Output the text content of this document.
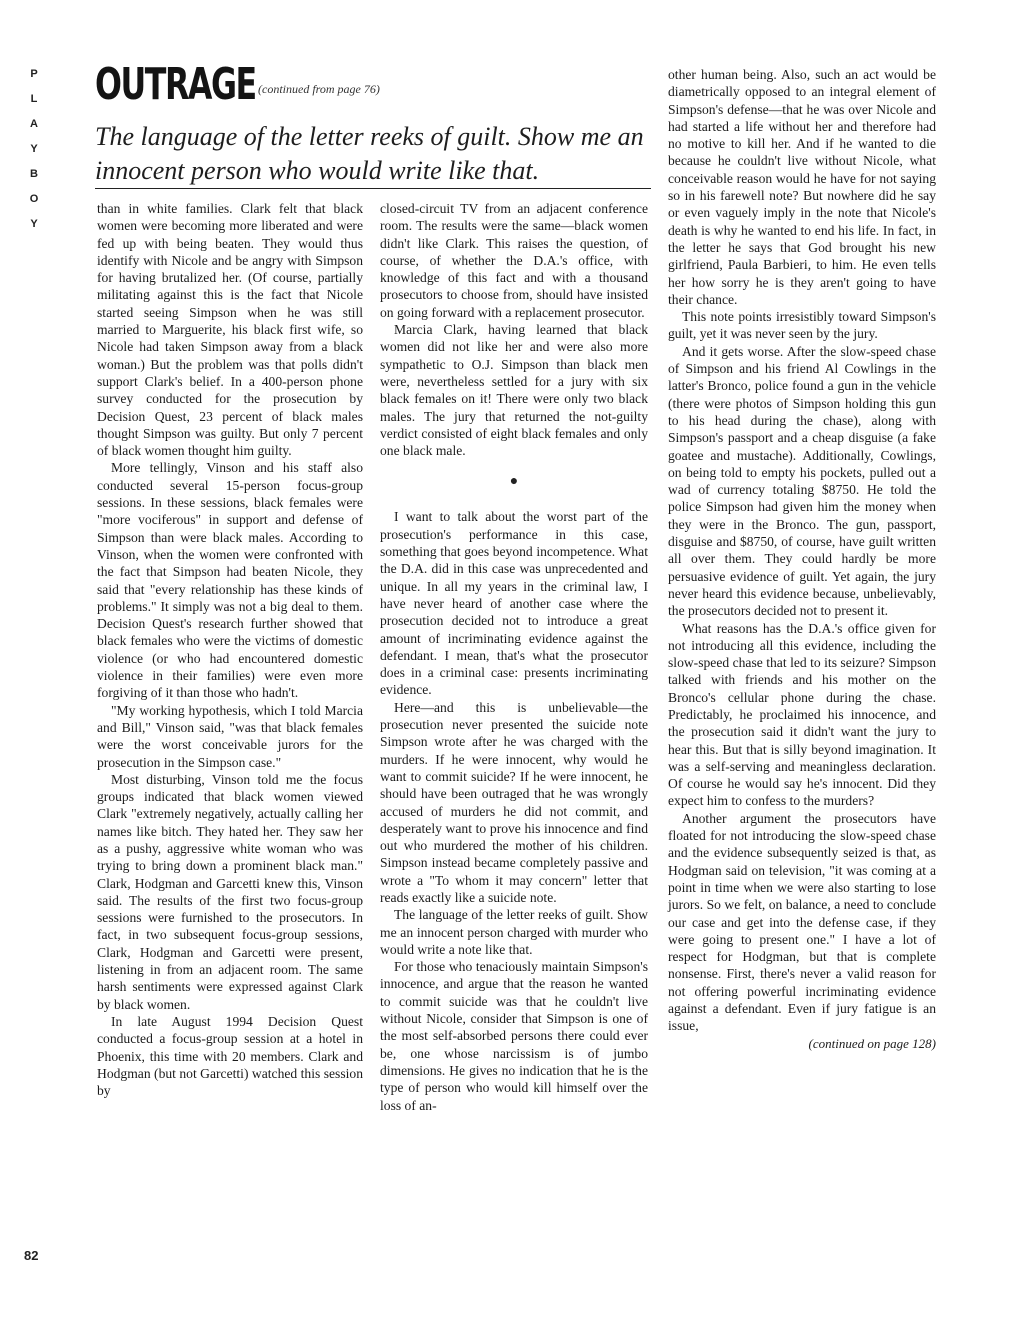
P
L
A
Y
B
O
Y
OUTRAGE (continued from page 76)
The language of the letter reeks of guilt. Show me an innocent person who would write like that.

than in white families. Clark felt that black women were becoming more liberated and were fed up with being beaten. They would thus identify with Nicole and be angry with Simpson for having brutalized her. (Of course, partially militating against this is the fact that Nicole started seeing Simpson when he was still married to Marguerite, his black first wife, so Nicole had taken Simpson away from a black woman.) But the problem was that polls didn't support Clark's belief. In a 400-person phone survey conducted for the prosecution by Decision Quest, 23 percent of black males thought Simpson was guilty. But only 7 percent of black women thought him guilty.

More tellingly, Vinson and his staff also conducted several 15-person focus-group sessions. In these sessions, black females were "more vociferous" in support and defense of Simpson than were black males. According to Vinson, when the women were confronted with the fact that Simpson had beaten Nicole, they said that "every relationship has these kinds of problems." It simply was not a big deal to them. Decision Quest's research further showed that black females who were the victims of domestic violence (or who had encountered domestic violence in their families) were even more forgiving of it than those who hadn't.

"My working hypothesis, which I told Marcia and Bill," Vinson said, "was that black females were the worst conceivable jurors for the prosecution in the Simpson case."

Most disturbing, Vinson told me the focus groups indicated that black women viewed Clark "extremely negatively, actually calling her names like bitch. They hated her. They saw her as a pushy, aggressive white woman who was trying to bring down a prominent black man." Clark, Hodgman and Garcetti knew this, Vinson said. The results of the first two focus-group sessions were furnished to the prosecutors. In fact, in two subsequent focus-group sessions, Clark, Hodgman and Garcetti were present, listening in from an adjacent room. The same harsh sentiments were expressed against Clark by black women.

In late August 1994 Decision Quest conducted a focus-group session at a hotel in Phoenix, this time with 20 members. Clark and Hodgman (but not Garcetti) watched this session by

closed-circuit TV from an adjacent conference room. The results were the same—black women didn't like Clark. This raises the question, of course, of whether the D.A.'s office, with knowledge of this fact and with a thousand prosecutors to choose from, should have insisted on going forward with a replacement prosecutor.

Marcia Clark, having learned that black women did not like her and were also more sympathetic to O.J. Simpson than black men were, nevertheless settled for a jury with six black females on it! There were only two black males. The jury that returned the not-guilty verdict consisted of eight black females and only one black male.

●

I want to talk about the worst part of the prosecution's performance in this case, something that goes beyond incompetence. What the D.A. did in this case was unprecedented and unique. In all my years in the criminal law, I have never heard of another case where the prosecution decided not to introduce a great amount of incriminating evidence against the defendant. I mean, that's what the prosecutor does in a criminal case: presents incriminating evidence.

Here—and this is unbelievable—the prosecution never presented the suicide note Simpson wrote after he was charged with the murders. If he were innocent, why would he want to commit suicide? If he were innocent, he should have been outraged that he was wrongly accused of murders he did not commit, and desperately want to prove his innocence and find out who murdered the mother of his children. Simpson instead became completely passive and wrote a "To whom it may concern" letter that reads exactly like a suicide note.

The language of the letter reeks of guilt. Show me an innocent person charged with murder who would write a note like that.

For those who tenaciously maintain Simpson's innocence, and argue that the reason he wanted to commit suicide was that he couldn't live without Nicole, consider that Simpson is one of the most self-absorbed persons there could ever be, one whose narcissism is of jumbo dimensions. He gives no indication that he is the type of person who would kill himself over the loss of an-

other human being. Also, such an act would be diametrically opposed to an integral element of Simpson's defense—that he was over Nicole and had started a life without her and therefore had no motive to kill her. And if he wanted to die because he couldn't live without Nicole, what conceivable reason would he have for not saying so in his farewell note? But nowhere did he say or even vaguely imply in the note that Nicole's death is why he wanted to end his life. In fact, in the letter he says that God brought his new girlfriend, Paula Barbieri, to him. He even tells her how sorry he is they aren't going to have their chance.

This note points irresistibly toward Simpson's guilt, yet it was never seen by the jury.

And it gets worse. After the slow-speed chase of Simpson and his friend Al Cowlings in the latter's Bronco, police found a gun in the vehicle (there were photos of Simpson holding this gun to his head during the chase), along with Simpson's passport and a cheap disguise (a fake goatee and mustache). Additionally, Cowlings, on being told to empty his pockets, pulled out a wad of currency totaling $8750. He told the police Simpson had given him the money when they were in the Bronco. The gun, passport, disguise and $8750, of course, have guilt written all over them. They could hardly be more persuasive evidence of guilt. Yet again, the jury never heard this evidence because, unbelievably, the prosecutors decided not to present it.

What reasons has the D.A.'s office given for not introducing all this evidence, including the slow-speed chase that led to its seizure? Simpson talked with friends and his mother on the Bronco's cellular phone during the chase. Predictably, he proclaimed his innocence, and the prosecution said it didn't want the jury to hear this. But that is silly beyond imagination. It was a self-serving and meaningless declaration. Of course he would say he's innocent. Did they expect him to confess to the murders?

Another argument the prosecutors have floated for not introducing the slow-speed chase and the evidence subsequently seized is that, as Hodgman said on television, "it was coming at a point in time when we were also starting to lose jurors. So we felt, on balance, a need to conclude our case and get into the defense case, if they were going to present one." I have a lot of respect for Hodgman, but that is complete nonsense. First, there's never a valid reason for not offering powerful incriminating evidence against a defendant. Even if jury fatigue is an issue,

(continued on page 128)
82
